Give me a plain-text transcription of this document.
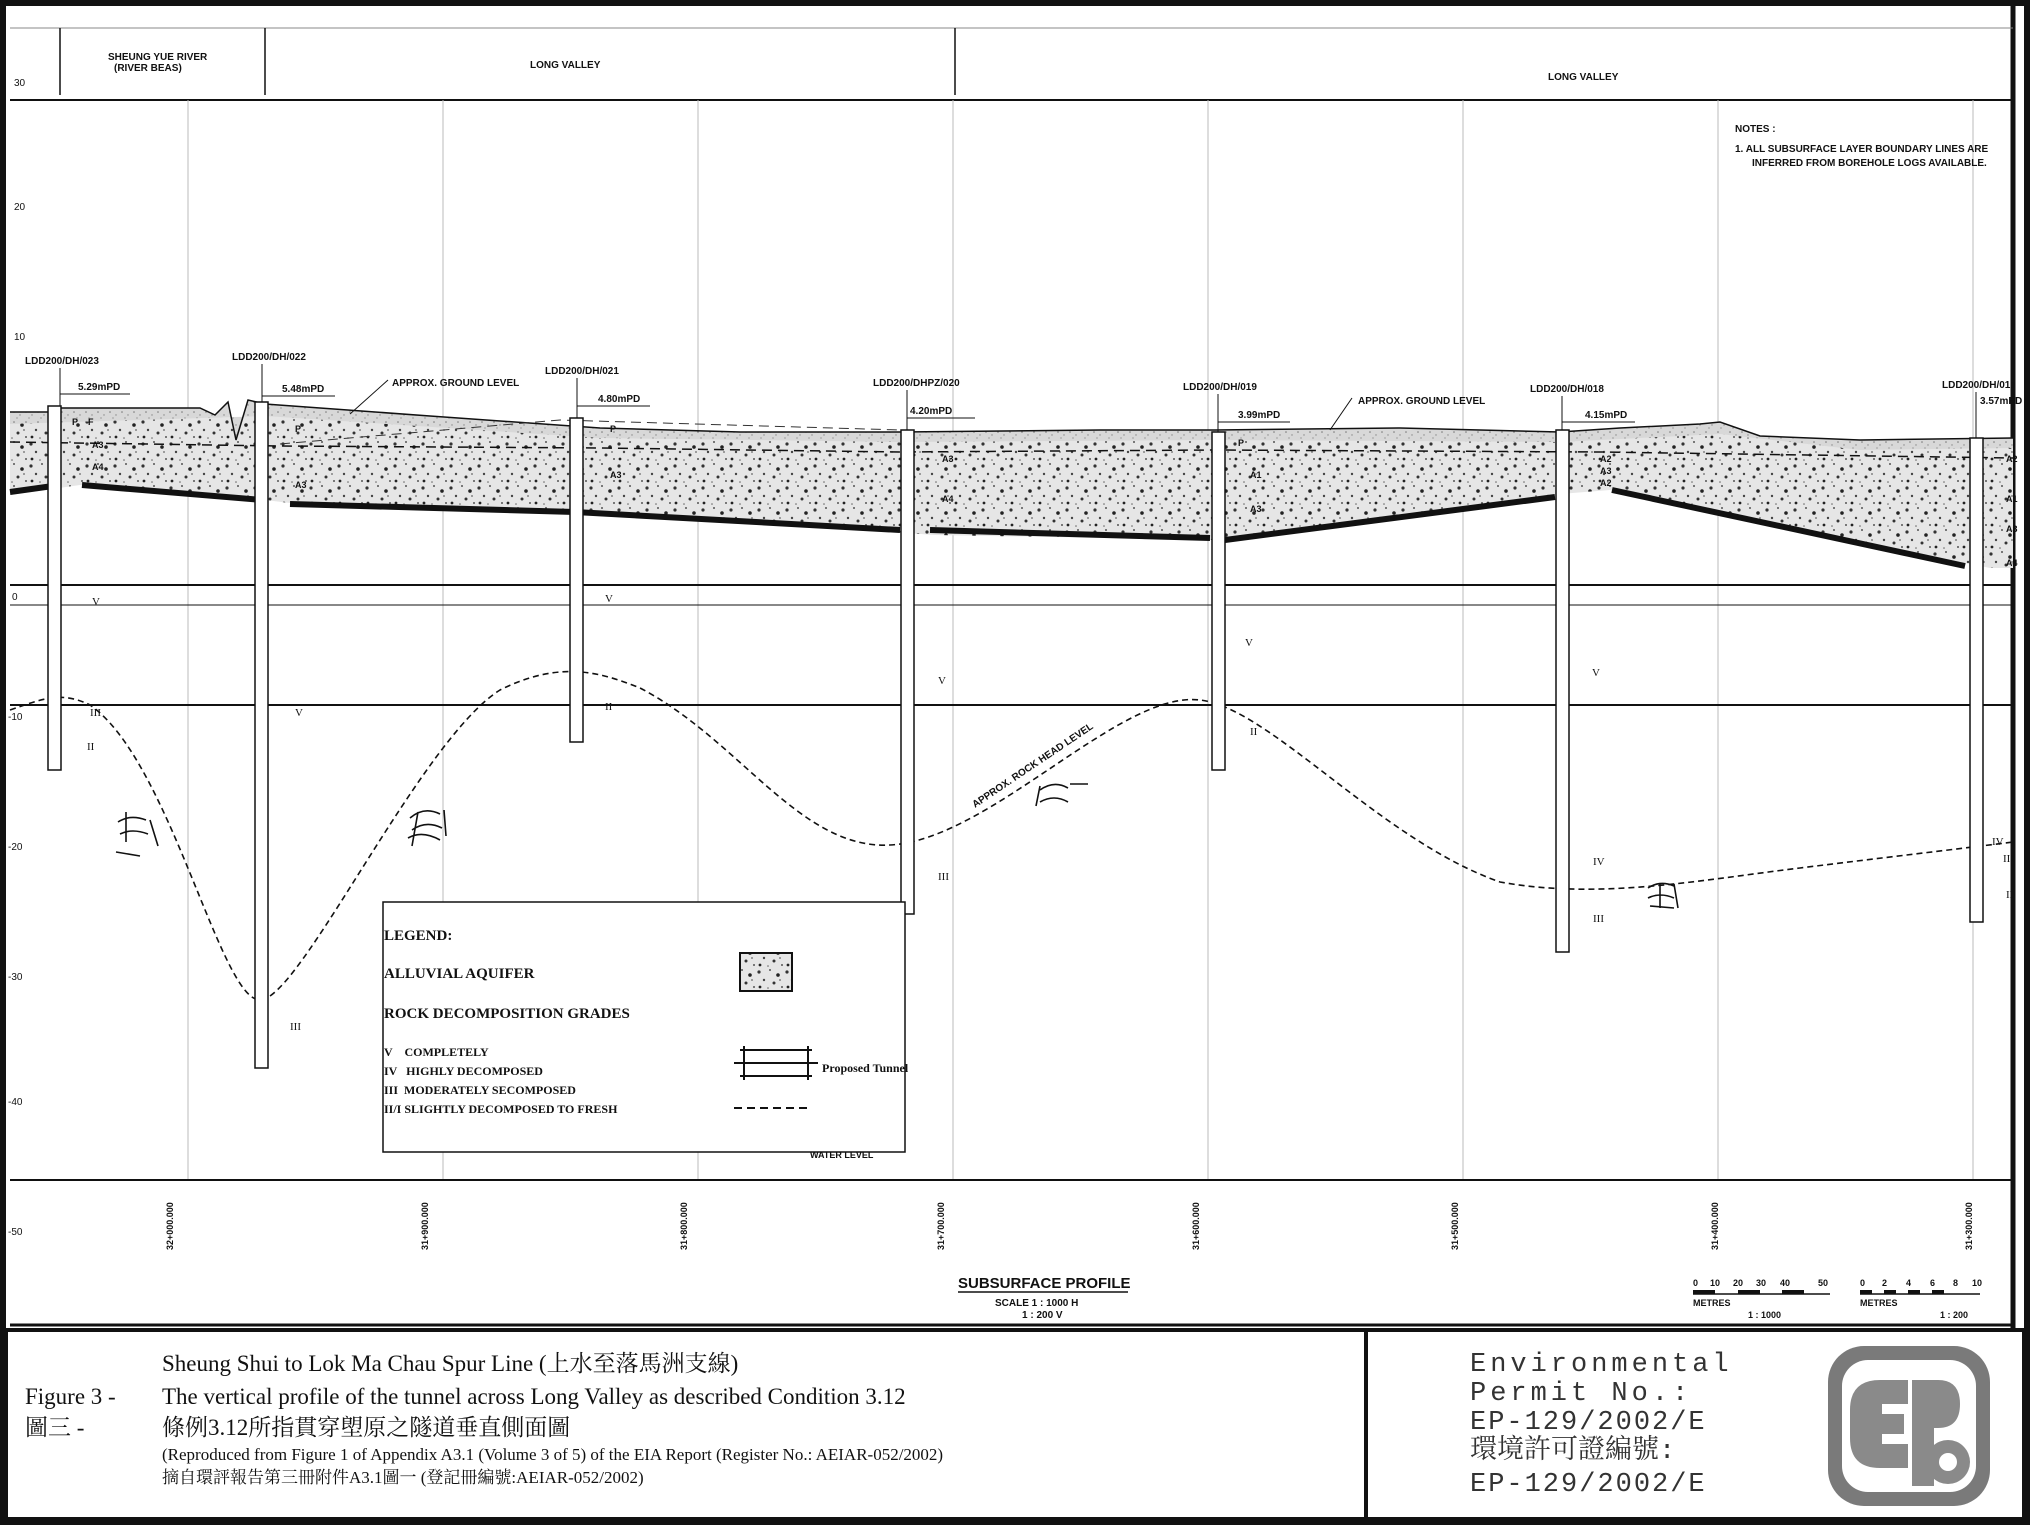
SHEUNG YUE RIVER
(RIVER BEAS)	LONG VALLEY
LONG VALLEY
30
20
10
0
-10
-20
-30
-40
-50
NOTES :
1. ALL SUBSURFACE LAYER BOUNDARY LINES ARE
INFERRED FROM BOREHOLE LOGS AVAILABLE.
V	V
V
V
V
V
III
II
II
II
III
III
IV
III
IV
III
II
P F
A3
A4
P
A3
P
A3
A3
A4
P
A1
A3
A2
A3
A2
A2
A1
A3
A4
LDD200/DH/023
5.29mPD
LDD200/DH/022
5.48mPD
LDD200/DH/021
4.80mPD
LDD200/DHPZ/020
4.20mPD
LDD200/DH/019
3.99mPD
LDD200/DH/018
4.15mPD
LDD200/DH/017
3.57mPD
APPROX. GROUND LEVEL
APPROX. GROUND LEVEL
APPROX. ROCK HEAD LEVEL
LEGEND:
ALLUVIAL AQUIFER
ROCK DECOMPOSITION GRADES
V    COMPLETELY
IV   HIGHLY DECOMPOSED
III  MODERATELY SECOMPOSED
II/I SLIGHTLY DECOMPOSED TO FRESH
Proposed Tunnel
WATER LEVEL
32+000.000	31+900.000	31+800.000	31+700.000	31+600.000	31+500.000	31+400.000	31+300.000
SUBSURFACE PROFILE
SCALE 1 : 1000 H
1 : 200 V
0 10 20 30 40	50
METRES
1 : 1000
0 2 4 6 8 10
METRES
1 : 200
Sheung Shui to Lok Ma Chau Spur Line (上水至落馬洲支線)
Figure 3 - The vertical profile of the tunnel across Long Valley as described Condition 3.12
圖三 -	條例3.12所指貫穿塱原之隧道垂直側面圖
(Reproduced from Figure 1 of Appendix A3.1 (Volume 3 of 5) of the EIA Report (Register No.: AEIAR-052/2002)
摘自環評報告第三冊附件A3.1圖一 (登記冊編號:AEIAR-052/2002)
Environmental
Permit No.:
EP-129/2002/E
環境許可證編號:
EP-129/2002/E
epd
